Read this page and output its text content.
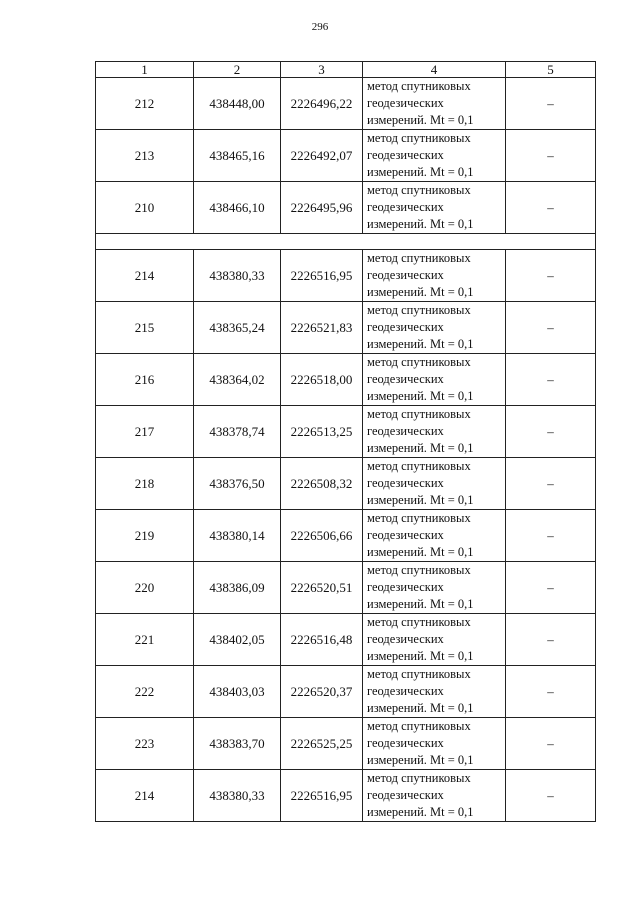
296
1	2	3	4	5
212	438448,00	2226496,22	метод спутниковых
геодезических
измерений. Mt = 0,1	–
213	438465,16	2226492,07	метод спутниковых
геодезических
измерений. Mt = 0,1	–
210	438466,10	2226495,96	метод спутниковых
геодезических
измерений. Mt = 0,1	–

214	438380,33	2226516,95	метод спутниковых
геодезических
измерений. Mt = 0,1	–
215	438365,24	2226521,83	метод спутниковых
геодезических
измерений. Mt = 0,1	–
216	438364,02	2226518,00	метод спутниковых
геодезических
измерений. Mt = 0,1	–
217	438378,74	2226513,25	метод спутниковых
геодезических
измерений. Mt = 0,1	–
218	438376,50	2226508,32	метод спутниковых
геодезических
измерений. Mt = 0,1	–
219	438380,14	2226506,66	метод спутниковых
геодезических
измерений. Mt = 0,1	–
220	438386,09	2226520,51	метод спутниковых
геодезических
измерений. Mt = 0,1	–
221	438402,05	2226516,48	метод спутниковых
геодезических
измерений. Mt = 0,1	–
222	438403,03	2226520,37	метод спутниковых
геодезических
измерений. Mt = 0,1	–
223	438383,70	2226525,25	метод спутниковых
геодезических
измерений. Mt = 0,1	–
214	438380,33	2226516,95	метод спутниковых
геодезических
измерений. Mt = 0,1	–
